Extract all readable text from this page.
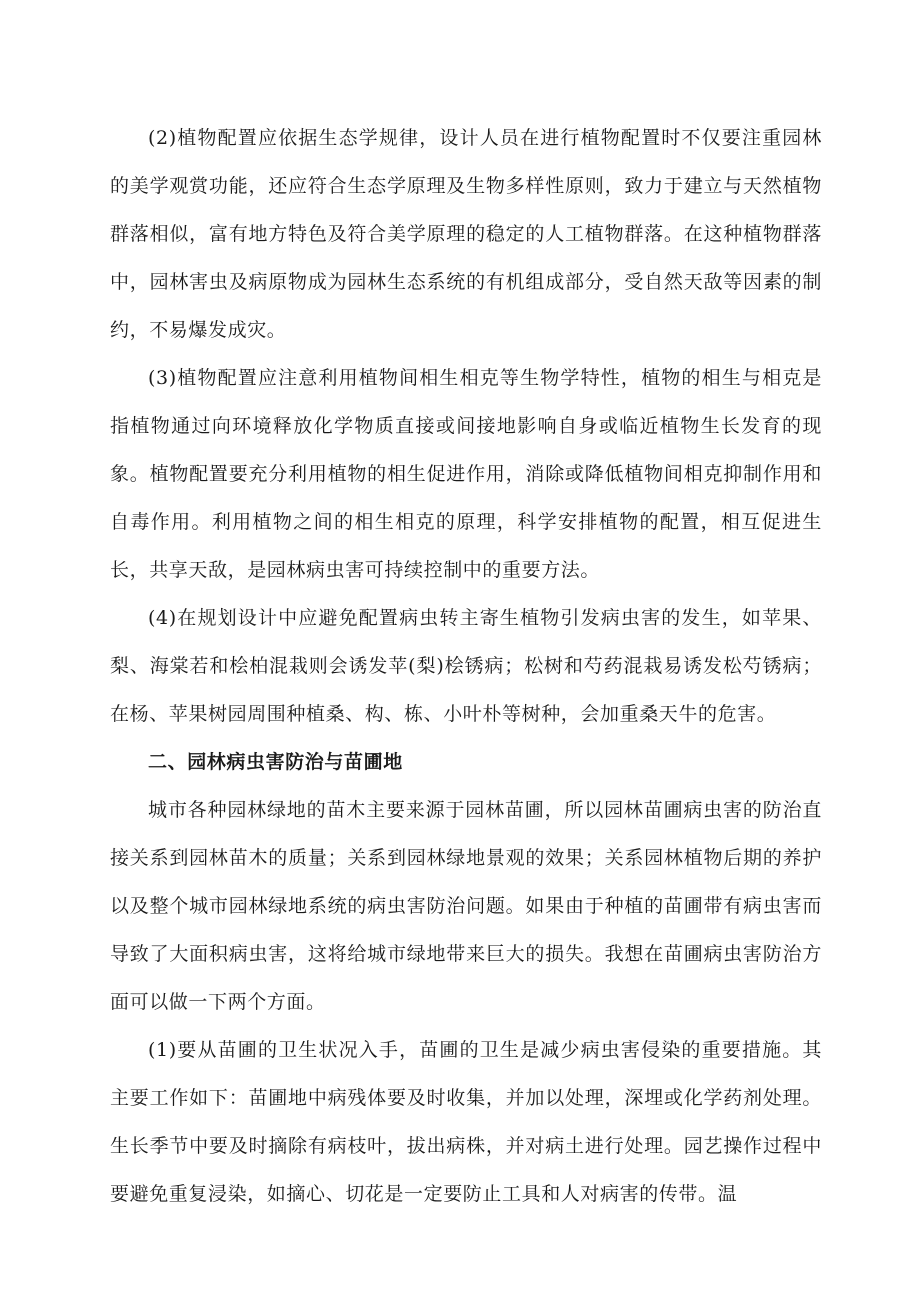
(2)植物配置应依据生态学规律，设计人员在进行植物配置时不仅要注重园林的美学观赏功能，还应符合生态学原理及生物多样性原则，致力于建立与天然植物群落相似，富有地方特色及符合美学原理的稳定的人工植物群落。在这种植物群落中，园林害虫及病原物成为园林生态系统的有机组成部分，受自然天敌等因素的制约，不易爆发成灾。

(3)植物配置应注意利用植物间相生相克等生物学特性，植物的相生与相克是指植物通过向环境释放化学物质直接或间接地影响自身或临近植物生长发育的现象。植物配置要充分利用植物的相生促进作用，消除或降低植物间相克抑制作用和自毒作用。利用植物之间的相生相克的原理，科学安排植物的配置，相互促进生长，共享天敌，是园林病虫害可持续控制中的重要方法。

(4)在规划设计中应避免配置病虫转主寄生植物引发病虫害的发生，如苹果、梨、海棠若和桧柏混栽则会诱发苹(梨)桧锈病；松树和芍药混栽易诱发松芍锈病；在杨、苹果树园周围种植桑、构、栋、小叶朴等树种，会加重桑天牛的危害。

二、园林病虫害防治与苗圃地

城市各种园林绿地的苗木主要来源于园林苗圃，所以园林苗圃病虫害的防治直接关系到园林苗木的质量；关系到园林绿地景观的效果；关系园林植物后期的养护以及整个城市园林绿地系统的病虫害防治问题。如果由于种植的苗圃带有病虫害而导致了大面积病虫害，这将给城市绿地带来巨大的损失。我想在苗圃病虫害防治方面可以做一下两个方面。

(1)要从苗圃的卫生状况入手，苗圃的卫生是减少病虫害侵染的重要措施。其主要工作如下：苗圃地中病残体要及时收集，并加以处理，深埋或化学药剂处理。生长季节中要及时摘除有病枝叶，拔出病株，并对病土进行处理。园艺操作过程中要避免重复浸染，如摘心、切花是一定要防止工具和人对病害的传带。温
